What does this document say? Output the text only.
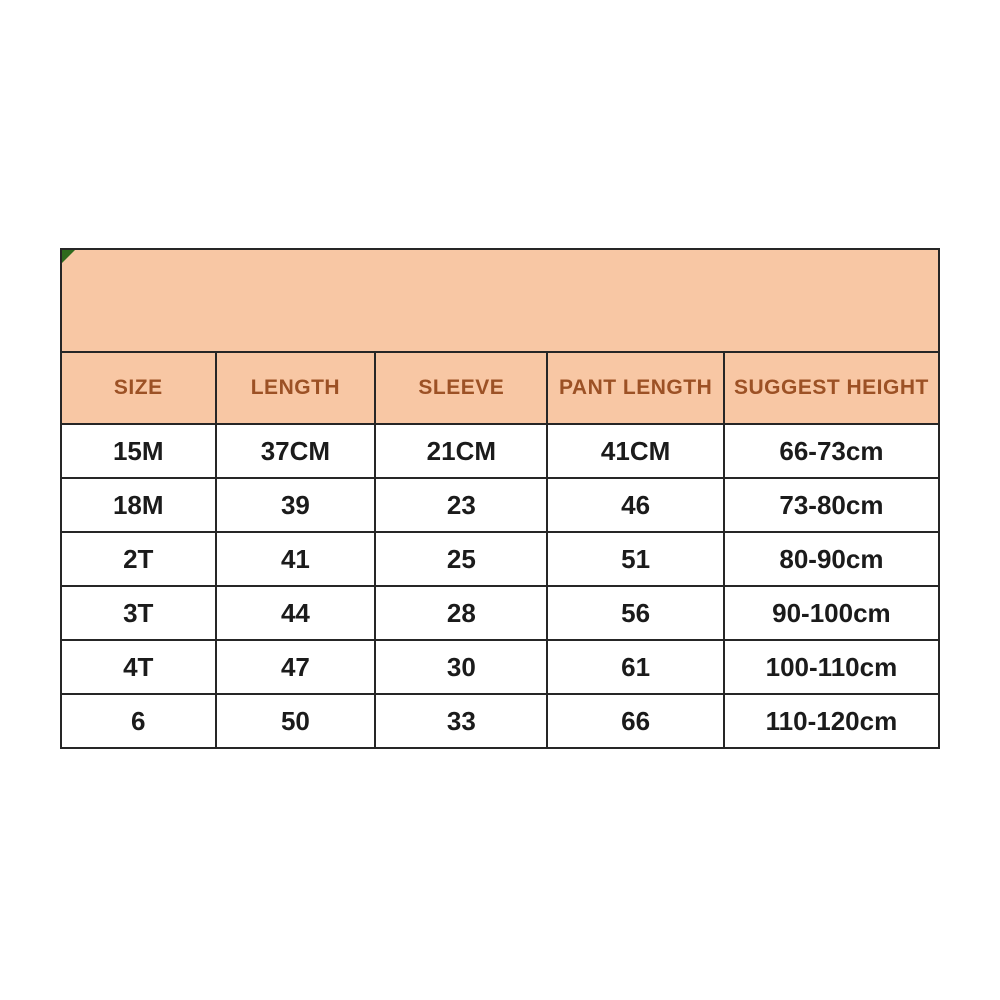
SIZE	LENGTH	SLEEVE	PANT LENGTH	SUGGEST HEIGHT
15M	37CM	21CM	41CM	66-73cm
18M	39	23	46	73-80cm
2T	41	25	51	80-90cm
3T	44	28	56	90-100cm
4T	47	30	61	100-110cm
6	50	33	66	110-120cm
